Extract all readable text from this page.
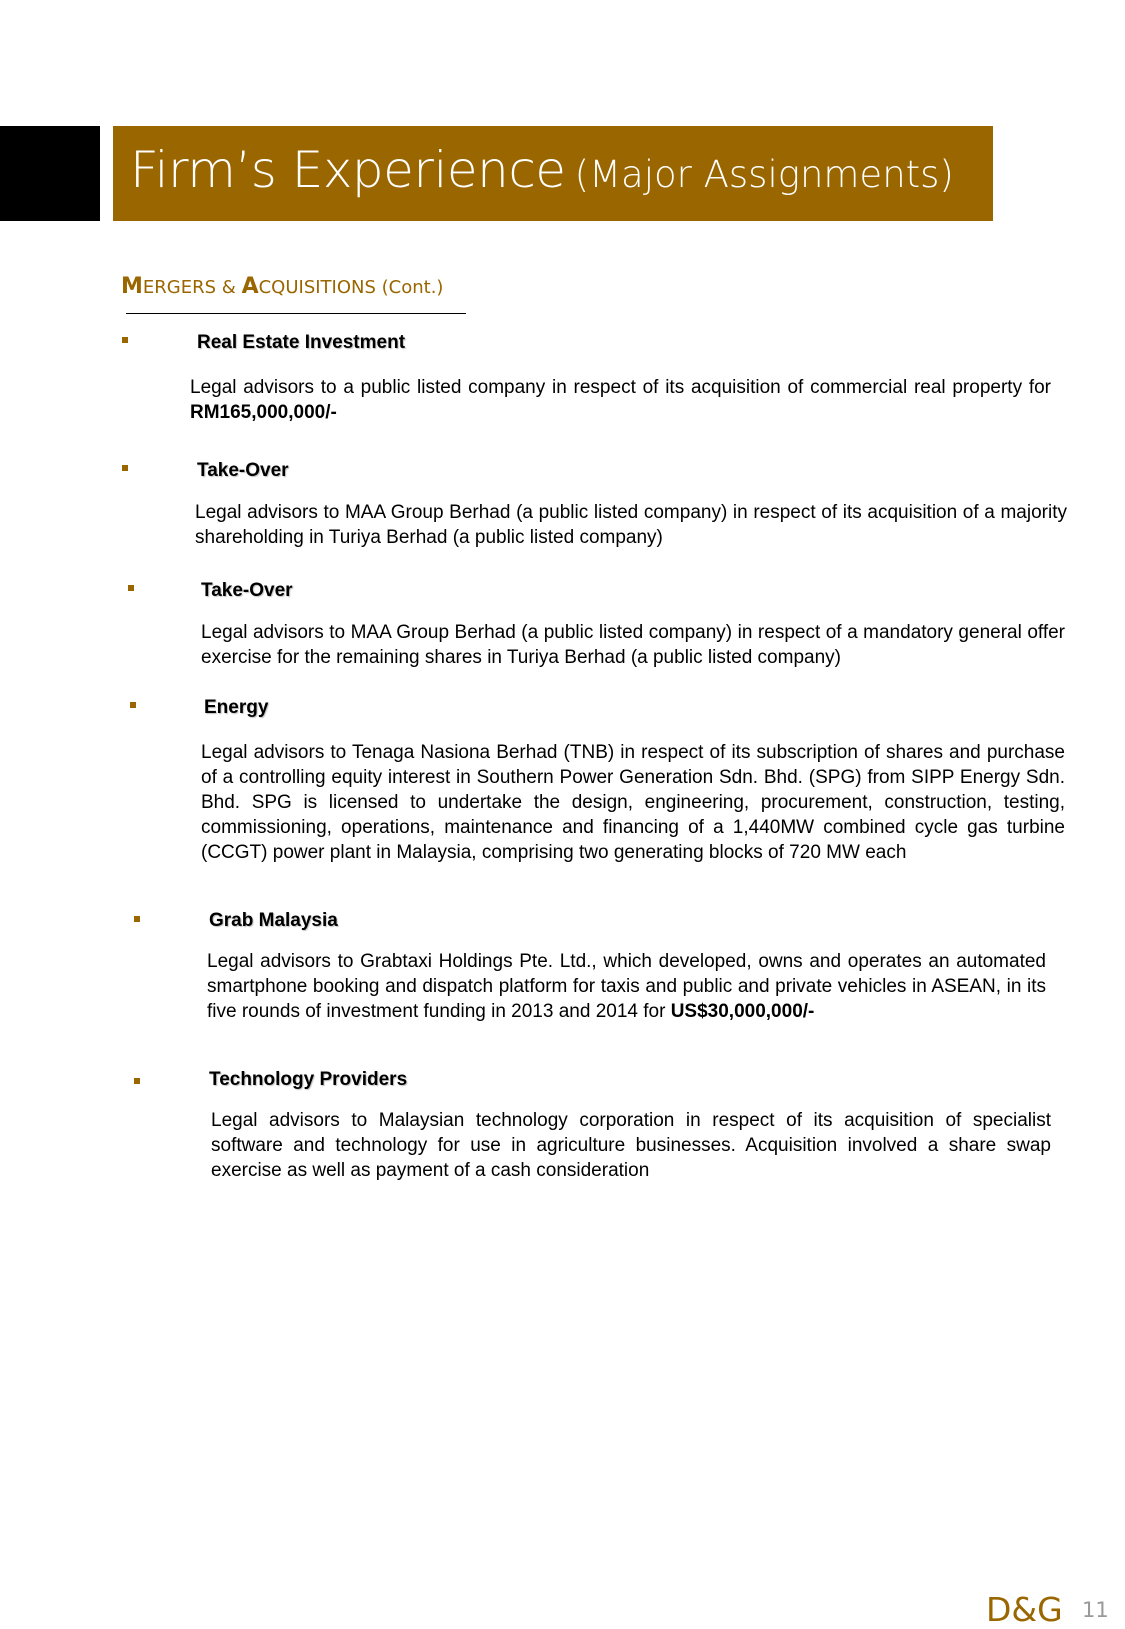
Firm’s Experience (Major Assignments)
MERGERS & ACQUISITIONS (Cont.)
Real Estate Investment
Legal advisors to a public listed company in respect of its acquisition of commercial real property for RM165,000,000/-
Take-Over
Legal advisors to MAA Group Berhad (a public listed company) in respect of its acquisition of a majority shareholding in Turiya Berhad (a public listed company)
Take-Over
Legal advisors to MAA Group Berhad (a public listed company) in respect of a mandatory general offer exercise for the remaining shares in Turiya Berhad (a public listed company)
Energy
Legal advisors to Tenaga Nasiona Berhad (TNB) in respect of its subscription of shares and purchase of a controlling equity interest in Southern Power Generation Sdn. Bhd. (SPG) from SIPP Energy Sdn. Bhd. SPG is licensed to undertake the design, engineering, procurement, construction, testing, commissioning, operations, maintenance and financing of a 1,440MW combined cycle gas turbine (CCGT) power plant in Malaysia, comprising two generating blocks of 720 MW each
Grab Malaysia
Legal advisors to Grabtaxi Holdings Pte. Ltd., which developed, owns and operates an automated smartphone booking and dispatch platform for taxis and public and private vehicles in ASEAN, in its five rounds of investment funding in 2013 and 2014 for US$30,000,000/-
Technology Providers
Legal advisors to Malaysian technology corporation in respect of its acquisition of specialist software and technology for use in agriculture businesses. Acquisition involved a share swap exercise as well as payment of a cash consideration
D&G 11
